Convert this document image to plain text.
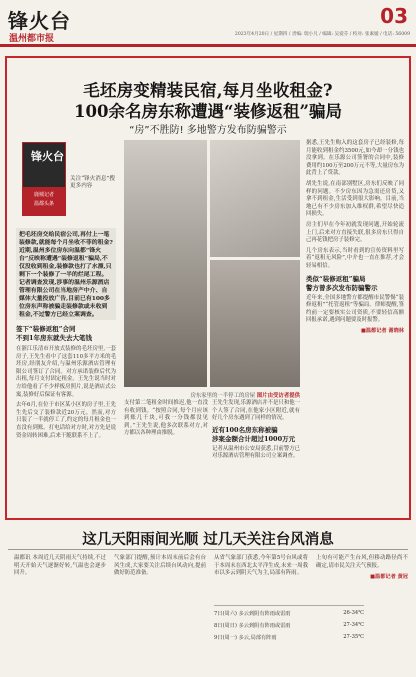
锋火台
温州都市报	2023年4月20日 / 星期四 / 责编: 瑞小凡 / 编辑: 吴爱芬 / 校对: 张素媛 / 电话: 56009
03
毛坯房变精装民宿,每月坐收租金?
100余名房东称遭遇“装修返租”骗局
“房”不胜防! 多地警方发布防骗警示
锋火台
鹿城记者
温都头条
关注“锋火消息”搜更多内容
把毛坯房交给民宿公司,再付上一笔装修款,就能每个月坐收不菲的租金?近期,温州多位房东向温都“锋火台”反映称遭遇“装修返租”骗局,不仅没收到租金,装修款也打了水漂,只剩下一个装修了一半的烂尾工程。记者调查发现,涉事的温州乐源酒店管理有限公司在当地房产中介、自媒体大量投放广告,目前已有100多位房东声称被骗走装修款或未收到租金,不过警方已经立案调查。
签下“装修返租”合同
不到1年房东就失去大笔钱
在浙江乐清市开放式装修的毛坯房里,一套房子,王先生看中了这套110多平方米的毛坯房,经朋友介绍,与温州乐源酒店管理有限公司签订了合同。对方承诺装修后代为出租,每月支付固定租金。王先生说当时对方给他看了不少样板房照片,说是酒店式公寓,装修好后保证有客源。
去年6月,在位于市区某小区的房子里,王先生先后交了装修款近20万元。然而,对方只装了一半就停工了,约定的每月租金也一直没有到账。打电话给对方时,对方先是说资金周转困难,后来干脆联系不上了。
房东家里的一半停工的房屋 图片由受访者提供
支付第二笔租金时间推迟,他一直没有收到钱。“按照合同,每个月应该到账几千块,可我一分钱都没见到。”王先生说,他多次联系对方,对方都以各种理由推脱。
王先生发现,乐源酒店并不是只和他一个人签了合同,在他家小区附近,就有好几个房东遇到了同样的情况。
近有100名房东称被骗
涉案金额合计超过1000万元
记者从温州市公安局获悉,目前警方已对乐源酒店管理有限公司立案调查。
据悉,王先生购入的这套房子已经装修,每月能收到租金约3500元,如今却一分钱也没拿到。在乐源公司签署的合同中,装修费用约100万至200万元不等,大量房东为此背上了贷款。
胡先生说,在南部别墅区,房东们反映了同样的问题。不少房东因为急需还房贷,又拿不到租金,生活受到很大影响。目前,当地已有不少房东加入维权群,希望尽快追回损失。
房主们早在今年初就发现问题,开始轮流上门,后来对方直接失联,很多房东只得自己再花钱把房子装修完。
几个房东表示,当时看到的宣传资料里写着“返租无风险”,中介也一直在推荐,才会轻易相信。
类似“装修返租”骗局
警方曾多次发布防骗警示
近年来,全国多地警方都提醒市民警惕“装修返租”“托管返租”等骗局。律师提醒,签约前一定要核实公司资质,不要轻信高额回报承诺,遇到问题要及时报警。
■温都记者 谢晓林
这几天阳雨间光顺 过几天关注台风消息
温都讯 本周近几天阴雨天气持续,不过明天开始天气逐渐好转,气温也会逐步回升。
气象部门提醒,预计本周末前后会有台风生成,大家要关注后续台风动向,提前做好防范准备。
从省气象部门获悉,今年第5号台风或将于本周末在西北太平洋生成,未来一周我市以多云到阴天气为主,局部有阵雨。
上旬有可能产生台风,但移动路径尚不确定,请市民关注天气预报。
■温都记者 黄冠
7日(周六) 多云到阴有阵雨或雷雨	26-34℃
8日(周日) 多云到阴有阵雨或雷雨	27-34℃
9日(周一) 多云,局部有阵雨	27-35℃
